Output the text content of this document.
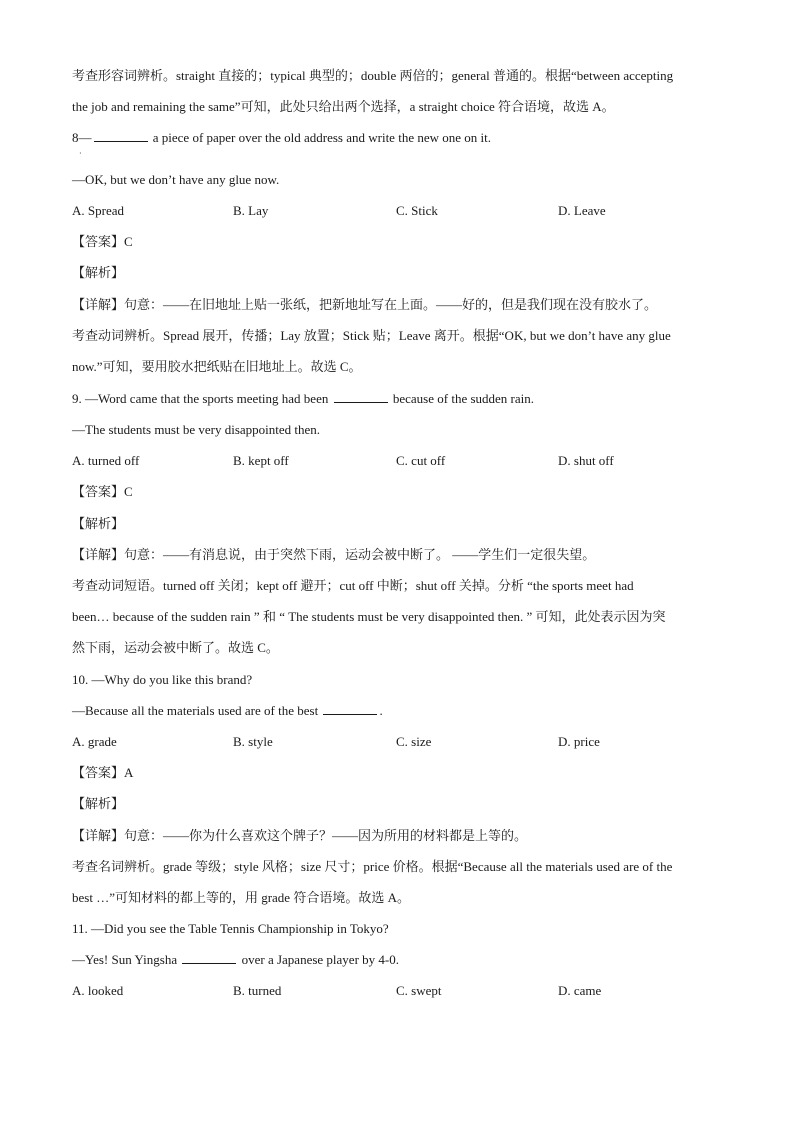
考查形容词辨析。straight 直接的；typical 典型的；double 两倍的；general 普通的。根据“between accepting
the job and remaining the same”可知，此处只给出两个选择，a straight choice 符合语境，故选 A。
8—	a piece of paper over the old address and write the new one on it.
·
—OK, but we don’t have any glue now.
A. Spread	B. Lay	C. Stick	D. Leave
【答案】C
【解析】
【详解】句意：——在旧地址上贴一张纸，把新地址写在上面。——好的，但是我们现在没有胶水了。
考查动词辨析。Spread 展开，传播；Lay 放置；Stick 贴；Leave 离开。根据“OK, but we don’t have any glue
now.”可知，要用胶水把纸贴在旧地址上。故选 C。
9. —Word came that the sports meeting had been	because of the sudden rain.
—The students must be very disappointed then.
A. turned off	B. kept off	C. cut off	D. shut off
【答案】C
【解析】
【详解】句意：——有消息说，由于突然下雨，运动会被中断了。 ——学生们一定很失望。
考查动词短语。turned off 关闭；kept off 避开；cut off 中断；shut off 关掉。分析 “the sports meet had
been… because of the sudden rain ” 和 “ The students must be very disappointed then. ” 可知，此处表示因为突
然下雨，运动会被中断了。故选 C。
10. —Why do you like this brand?
—Because all the materials used are of the best	.
A. grade	B. style	C. size	D. price
【答案】A
【解析】
【详解】句意：——你为什么喜欢这个牌子？——因为所用的材料都是上等的。
考查名词辨析。grade 等级；style 风格；size 尺寸；price 价格。根据“Because all the materials used are of the
best …”可知材料的都上等的，用 grade 符合语境。故选 A。
11. —Did you see the Table Tennis Championship in Tokyo?
—Yes! Sun Yingsha	over a Japanese player by 4-0.
A. looked	B. turned	C. swept	D. came
